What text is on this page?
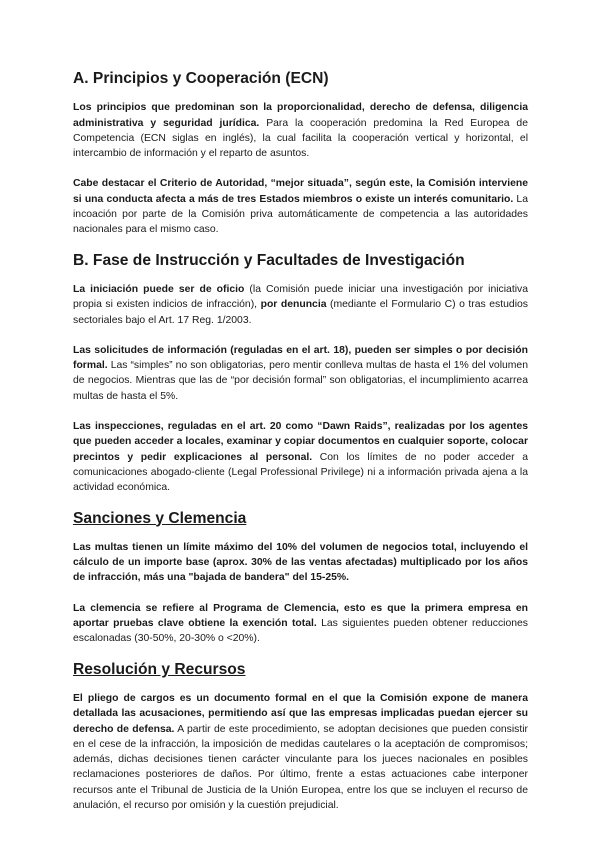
A. Principios y Cooperación (ECN)

Los principios que predominan son la proporcionalidad, derecho de defensa, diligencia administrativa y seguridad jurídica. Para la cooperación predomina la Red Europea de Competencia (ECN siglas en inglés), la cual facilita la cooperación vertical y horizontal, el intercambio de información y el reparto de asuntos.

Cabe destacar el Criterio de Autoridad, “mejor situada”, según este, la Comisión interviene si una conducta afecta a más de tres Estados miembros o existe un interés comunitario. La incoación por parte de la Comisión priva automáticamente de competencia a las autoridades nacionales para el mismo caso.

B. Fase de Instrucción y Facultades de Investigación

La iniciación puede ser de oficio (la Comisión puede iniciar una investigación por iniciativa propia si existen indicios de infracción), por denuncia (mediante el Formulario C) o tras estudios sectoriales bajo el Art. 17 Reg. 1/2003.

Las solicitudes de información (reguladas en el art. 18), pueden ser simples o por decisión formal. Las “simples” no son obligatorias, pero mentir conlleva multas de hasta el 1% del volumen de negocios. Mientras que las de “por decisión formal” son obligatorias, el incumplimiento acarrea multas de hasta el 5%.

Las inspecciones, reguladas en el art. 20 como “Dawn Raids”, realizadas por los agentes que pueden acceder a locales, examinar y copiar documentos en cualquier soporte, colocar precintos y pedir explicaciones al personal. Con los límites de no poder acceder a comunicaciones abogado-cliente (Legal Professional Privilege) ni a información privada ajena a la actividad económica.

Sanciones y Clemencia

Las multas tienen un límite máximo del 10% del volumen de negocios total, incluyendo el cálculo de un importe base (aprox. 30% de las ventas afectadas) multiplicado por los años de infracción, más una "bajada de bandera" del 15-25%.

La clemencia se refiere al Programa de Clemencia, esto es que la primera empresa en aportar pruebas clave obtiene la exención total. Las siguientes pueden obtener reducciones escalonadas (30-50%, 20-30% o <20%).

Resolución y Recursos

El pliego de cargos es un documento formal en el que la Comisión expone de manera detallada las acusaciones, permitiendo así que las empresas implicadas puedan ejercer su derecho de defensa. A partir de este procedimiento, se adoptan decisiones que pueden consistir en el cese de la infracción, la imposición de medidas cautelares o la aceptación de compromisos; además, dichas decisiones tienen carácter vinculante para los jueces nacionales en posibles reclamaciones posteriores de daños. Por último, frente a estas actuaciones cabe interponer recursos ante el Tribunal de Justicia de la Unión Europea, entre los que se incluyen el recurso de anulación, el recurso por omisión y la cuestión prejudicial.
